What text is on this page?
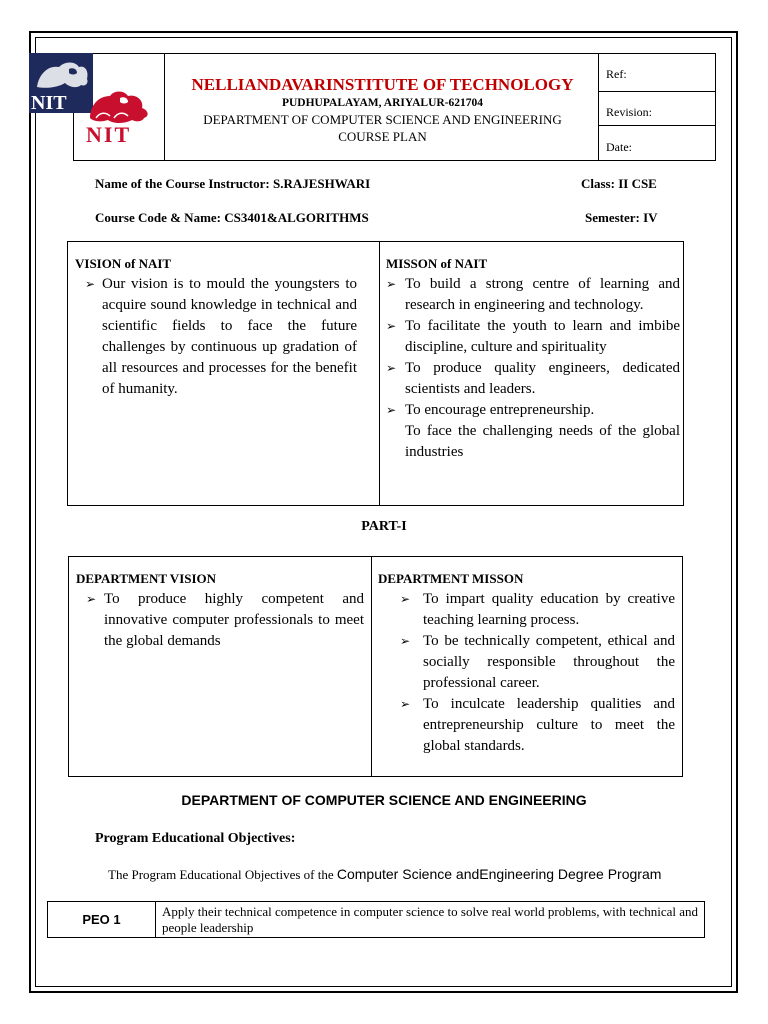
NELLIANDAVARINSTITUTE OF TECHNOLOGY
PUDHUPALAYAM, ARIYALUR-621704
DEPARTMENT OF COMPUTER SCIENCE AND ENGINEERING
COURSE PLAN
Ref:
Revision:
Date:
NIT
NIT
Name of the Course Instructor: S.RAJESHWARI	Class: II CSE
Course Code & Name: CS3401&ALGORITHMS	Semester: IV
VISION of NAIT
➢ Our vision is to mould the youngsters to acquire sound knowledge in technical and scientific fields to face the future challenges by continuous up gradation of all resources and processes for the benefit of humanity.
MISSON of NAIT
➢ To build a strong centre of learning and research in engineering and technology.
➢ To facilitate the youth to learn and imbibe discipline, culture and spirituality
➢ To produce quality engineers, dedicated scientists and leaders.
➢ To encourage entrepreneurship.
To face the challenging needs of the global industries
PART-I
DEPARTMENT VISION
➢ To produce highly competent and innovative computer professionals to meet the global demands
DEPARTMENT MISSON
➢ To impart quality education by creative teaching learning process.
➢ To be technically competent, ethical and socially responsible throughout the professional career.
➢ To inculcate leadership qualities and entrepreneurship culture to meet the global standards.
DEPARTMENT OF COMPUTER SCIENCE AND ENGINEERING
Program Educational Objectives:
The Program Educational Objectives of the Computer Science andEngineering Degree Program
PEO 1
Apply their technical competence in computer science to solve real world problems, with technical and people leadership
